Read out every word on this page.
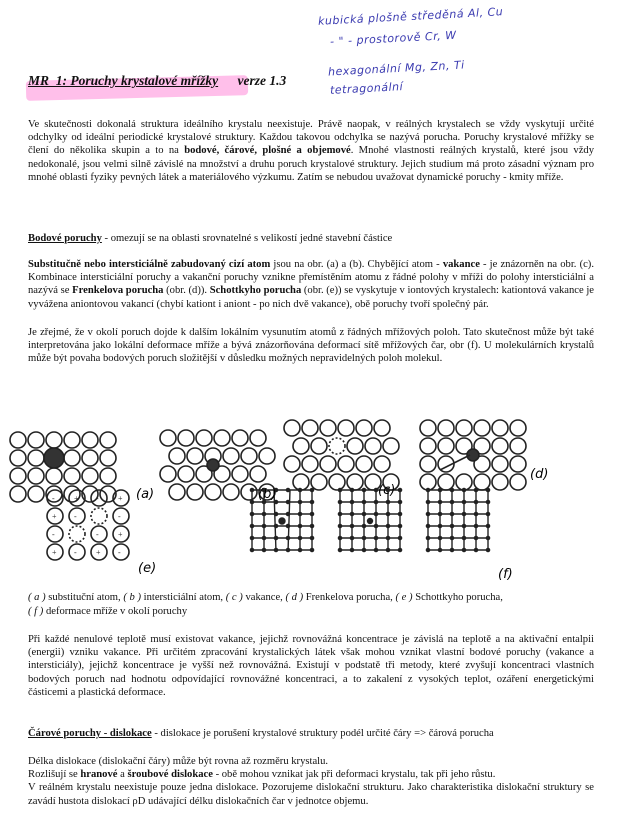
kubická plošně středěná Al, Cu
- " - prostorově Cr, W
hexagonální Mg, Zn, Ti
tetragonální
MR_1: Poruchy krystalové mřížky verze 1.3
Ve skutečnosti dokonalá struktura ideálního krystalu neexistuje. Právě naopak, v reálných krystalech se vždy vyskytují určité odchylky od ideální periodické krystalové struktury. Každou takovou odchylka se nazývá porucha. Poruchy krystalové mřížky se člení do několika skupin a to na bodové, čárové, plošné a objemové. Mnohé vlastnosti reálných krystalů, které jsou vždy nedokonalé, jsou velmi silně závislé na množství a druhu poruch krystalové struktury. Jejich studium má proto zásadní význam pro mnohé oblasti fyziky pevných látek a materiálového výzkumu. Zatím se nebudou uvažovat dynamické poruchy - kmity mříže.
Bodové poruchy - omezují se na oblasti srovnatelné s velikostí jedné stavební částice
Substitučně nebo intersticiálně zabudovaný cizí atom jsou na obr. (a) a (b). Chybějící atom - vakance - je znázorněn na obr. (c). Kombinace intersticiální poruchy a vakanční poruchy vznikne přemístěním atomu z řádné polohy v mříži do polohy intersticiální a nazývá se Frenkelova porucha (obr. (d)). Schottkyho porucha (obr. (e)) se vyskytuje v iontových krystalech: kationtová vakance je vyvážena aniontovou vakancí (chybí kationt i aniont - po nich dvě vakance), obě poruchy tvoří společný pár.
Je zřejmé, že v okolí poruch dojde k dalším lokálním vysunutím atomů z řádných mřížových poloh. Tato skutečnost může být také interpretována jako lokální deformace mříže a bývá znázorňována deformací sítě mřížových čar, obr (f). U molekulárních krystalů může být povaha bodových poruch složitější v důsledku možných nepravidelných poloh molekul.
- + - +
+ -	-
-	- +
+ - + -
(a)	(b)	(c)
(d)
(e)	(f)
( a ) substituční atom, ( b ) intersticiální atom, ( c ) vakance, ( d ) Frenkelova porucha, ( e ) Schottkyho porucha,
( f ) deformace mříže v okolí poruchy
Při každé nenulové teplotě musí existovat vakance, jejichž rovnovážná koncentrace je závislá na teplotě a na aktivační entalpii (energii) vzniku vakance. Při určitém zpracování krystalických látek však mohou vznikat vlastní bodové poruchy (vakance a intersticiály), jejichž koncentrace je vyšší než rovnovážná. Existují v podstatě tři metody, které zvyšují koncentraci vlastních bodových poruch nad hodnotu odpovídající rovnovážné koncentraci, a to zakalení z vysokých teplot, ozáření energetickými částicemi a plastická deformace.
Čárové poruchy - dislokace - dislokace je porušení krystalové struktury podél určité čáry => čárová porucha
Délka dislokace (dislokační čáry) může být rovna až rozměru krystalu.
Rozlišují se hranové a šroubové dislokace - obě mohou vznikat jak při deformaci krystalu, tak při jeho růstu.
V reálném krystalu neexistuje pouze jedna dislokace. Pozorujeme dislokační strukturu. Jako charakteristika dislokační struktury se zavádí hustota dislokací ρD udávající délku dislokačních čar v jednotce objemu.
